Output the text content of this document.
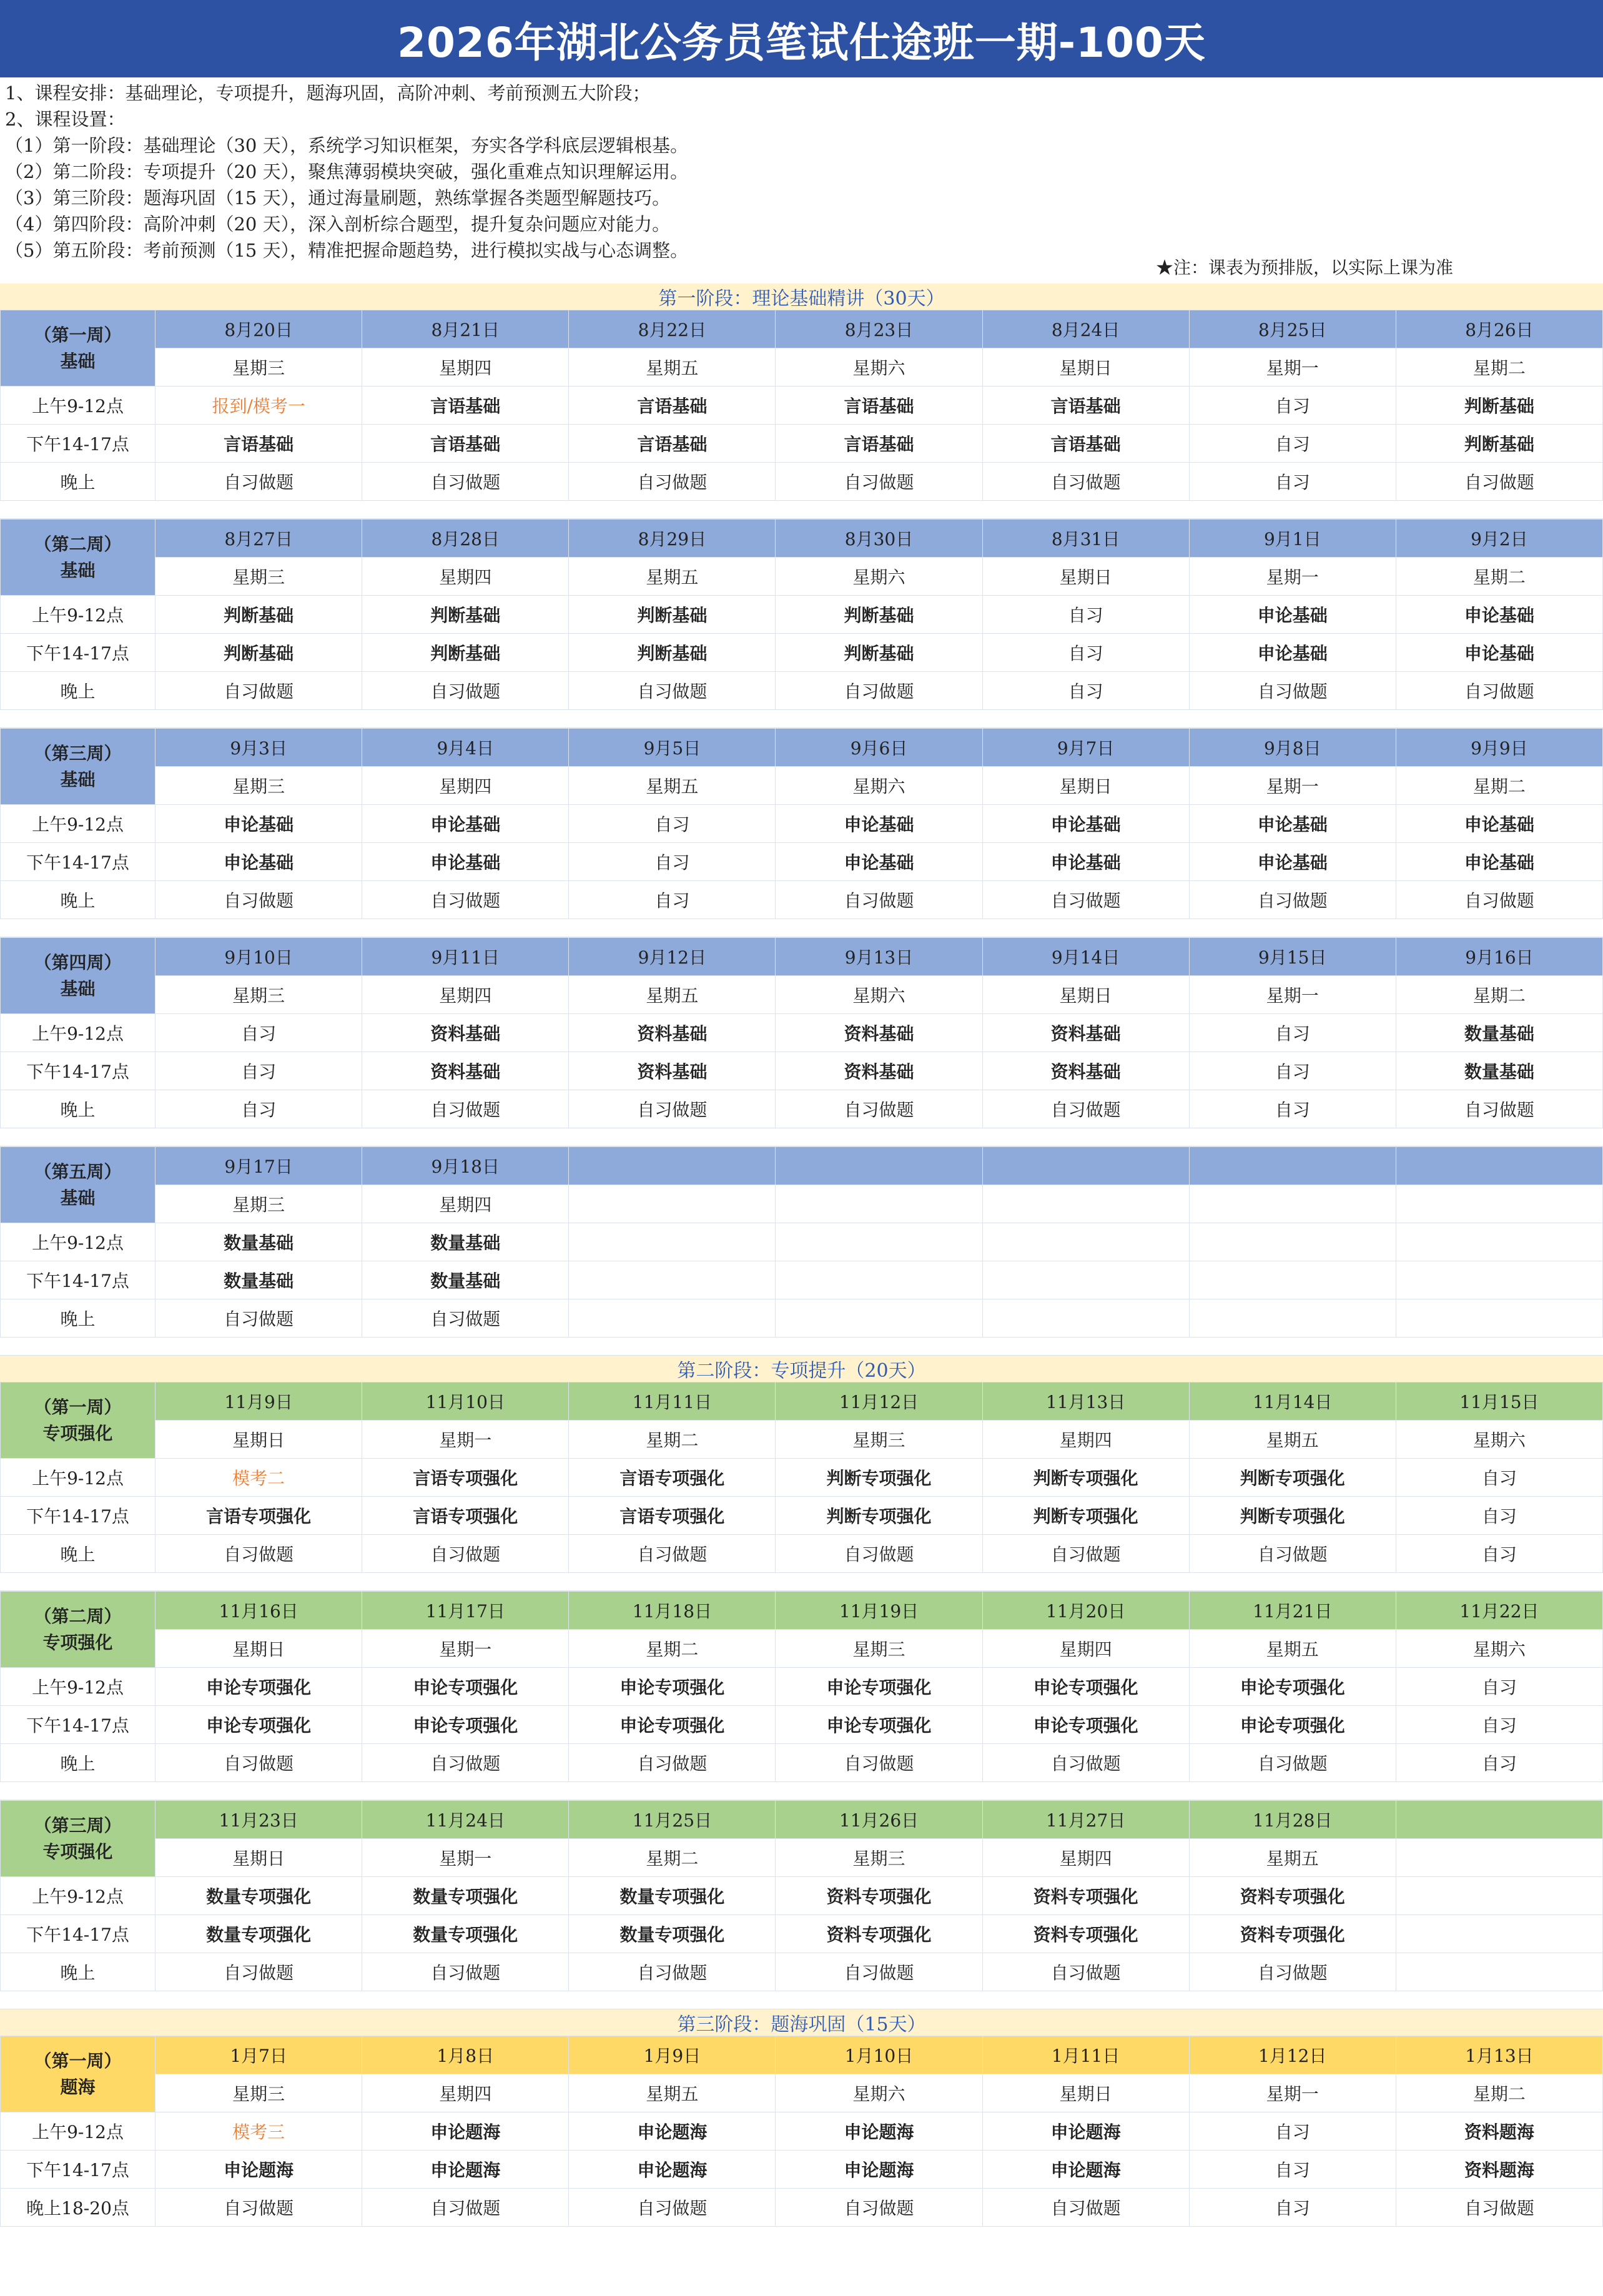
2026年湖北公务员笔试仕途班一期-100天
1、课程安排：基础理论，专项提升，题海巩固，高阶冲刺、考前预测五大阶段；
2、课程设置：
（1）第一阶段：基础理论（30 天），系统学习知识框架，夯实各学科底层逻辑根基。
（2）第二阶段：专项提升（20 天），聚焦薄弱模块突破，强化重难点知识理解运用。
（3）第三阶段：题海巩固（15 天），通过海量刷题，熟练掌握各类题型解题技巧。
（4）第四阶段：高阶冲刺（20 天），深入剖析综合题型，提升复杂问题应对能力。
（5）第五阶段：考前预测（15 天），精准把握命题趋势，进行模拟实战与心态调整。
★注：课表为预排版，以实际上课为准
第一阶段：理论基础精讲（30天）
（第一周）
基础	8月20日	8月21日	8月22日	8月23日	8月24日	8月25日	8月26日
	星期三	星期四	星期五	星期六	星期日	星期一	星期二
上午9-12点	报到/模考一	言语基础	言语基础	言语基础	言语基础	自习	判断基础
下午14-17点	言语基础	言语基础	言语基础	言语基础	言语基础	自习	判断基础
晚上	自习做题	自习做题	自习做题	自习做题	自习做题	自习	自习做题

（第二周）
基础	8月27日	8月28日	8月29日	8月30日	8月31日	9月1日	9月2日
	星期三	星期四	星期五	星期六	星期日	星期一	星期二
上午9-12点	判断基础	判断基础	判断基础	判断基础	自习	申论基础	申论基础
下午14-17点	判断基础	判断基础	判断基础	判断基础	自习	申论基础	申论基础
晚上	自习做题	自习做题	自习做题	自习做题	自习	自习做题	自习做题

（第三周）
基础	9月3日	9月4日	9月5日	9月6日	9月7日	9月8日	9月9日
	星期三	星期四	星期五	星期六	星期日	星期一	星期二
上午9-12点	申论基础	申论基础	自习	申论基础	申论基础	申论基础	申论基础
下午14-17点	申论基础	申论基础	自习	申论基础	申论基础	申论基础	申论基础
晚上	自习做题	自习做题	自习	自习做题	自习做题	自习做题	自习做题

（第四周）
基础	9月10日	9月11日	9月12日	9月13日	9月14日	9月15日	9月16日
	星期三	星期四	星期五	星期六	星期日	星期一	星期二
上午9-12点	自习	资料基础	资料基础	资料基础	资料基础	自习	数量基础
下午14-17点	自习	资料基础	资料基础	资料基础	资料基础	自习	数量基础
晚上	自习	自习做题	自习做题	自习做题	自习做题	自习	自习做题

（第五周）
基础	9月17日	9月18日					
	星期三	星期四					
上午9-12点	数量基础	数量基础					
下午14-17点	数量基础	数量基础					
晚上	自习做题	自习做题					

第二阶段：专项提升（20天）
（第一周）
专项强化	11月9日	11月10日	11月11日	11月12日	11月13日	11月14日	11月15日
	星期日	星期一	星期二	星期三	星期四	星期五	星期六
上午9-12点	模考二	言语专项强化	言语专项强化	判断专项强化	判断专项强化	判断专项强化	自习
下午14-17点	言语专项强化	言语专项强化	言语专项强化	判断专项强化	判断专项强化	判断专项强化	自习
晚上	自习做题	自习做题	自习做题	自习做题	自习做题	自习做题	自习

（第二周）
专项强化	11月16日	11月17日	11月18日	11月19日	11月20日	11月21日	11月22日
	星期日	星期一	星期二	星期三	星期四	星期五	星期六
上午9-12点	申论专项强化	申论专项强化	申论专项强化	申论专项强化	申论专项强化	申论专项强化	自习
下午14-17点	申论专项强化	申论专项强化	申论专项强化	申论专项强化	申论专项强化	申论专项强化	自习
晚上	自习做题	自习做题	自习做题	自习做题	自习做题	自习做题	自习

（第三周）
专项强化	11月23日	11月24日	11月25日	11月26日	11月27日	11月28日	
	星期日	星期一	星期二	星期三	星期四	星期五	
上午9-12点	数量专项强化	数量专项强化	数量专项强化	资料专项强化	资料专项强化	资料专项强化	
下午14-17点	数量专项强化	数量专项强化	数量专项强化	资料专项强化	资料专项强化	资料专项强化	
晚上	自习做题	自习做题	自习做题	自习做题	自习做题	自习做题	

第三阶段：题海巩固（15天）
（第一周）
题海	1月7日	1月8日	1月9日	1月10日	1月11日	1月12日	1月13日
	星期三	星期四	星期五	星期六	星期日	星期一	星期二
上午9-12点	模考三	申论题海	申论题海	申论题海	申论题海	自习	资料题海
下午14-17点	申论题海	申论题海	申论题海	申论题海	申论题海	自习	资料题海
晚上18-20点	自习做题	自习做题	自习做题	自习做题	自习做题	自习	自习做题
